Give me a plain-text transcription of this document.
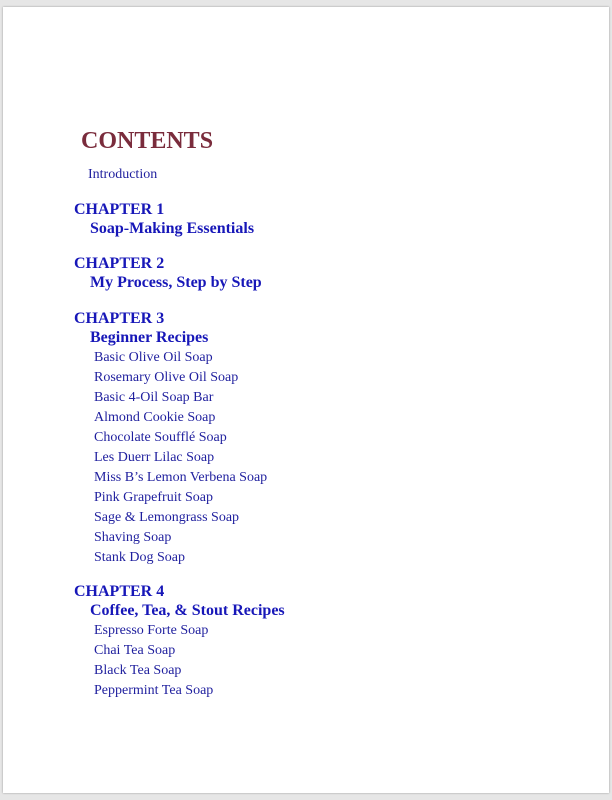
CONTENTS
Introduction
CHAPTER 1
Soap-Making Essentials
CHAPTER 2
My Process, Step by Step
CHAPTER 3
Beginner Recipes
Basic Olive Oil Soap
Rosemary Olive Oil Soap
Basic 4-Oil Soap Bar
Almond Cookie Soap
Chocolate Soufflé Soap
Les Duerr Lilac Soap
Miss B’s Lemon Verbena Soap
Pink Grapefruit Soap
Sage & Lemongrass Soap
Shaving Soap
Stank Dog Soap
CHAPTER 4
Coffee, Tea, & Stout Recipes
Espresso Forte Soap
Chai Tea Soap
Black Tea Soap
Peppermint Tea Soap
